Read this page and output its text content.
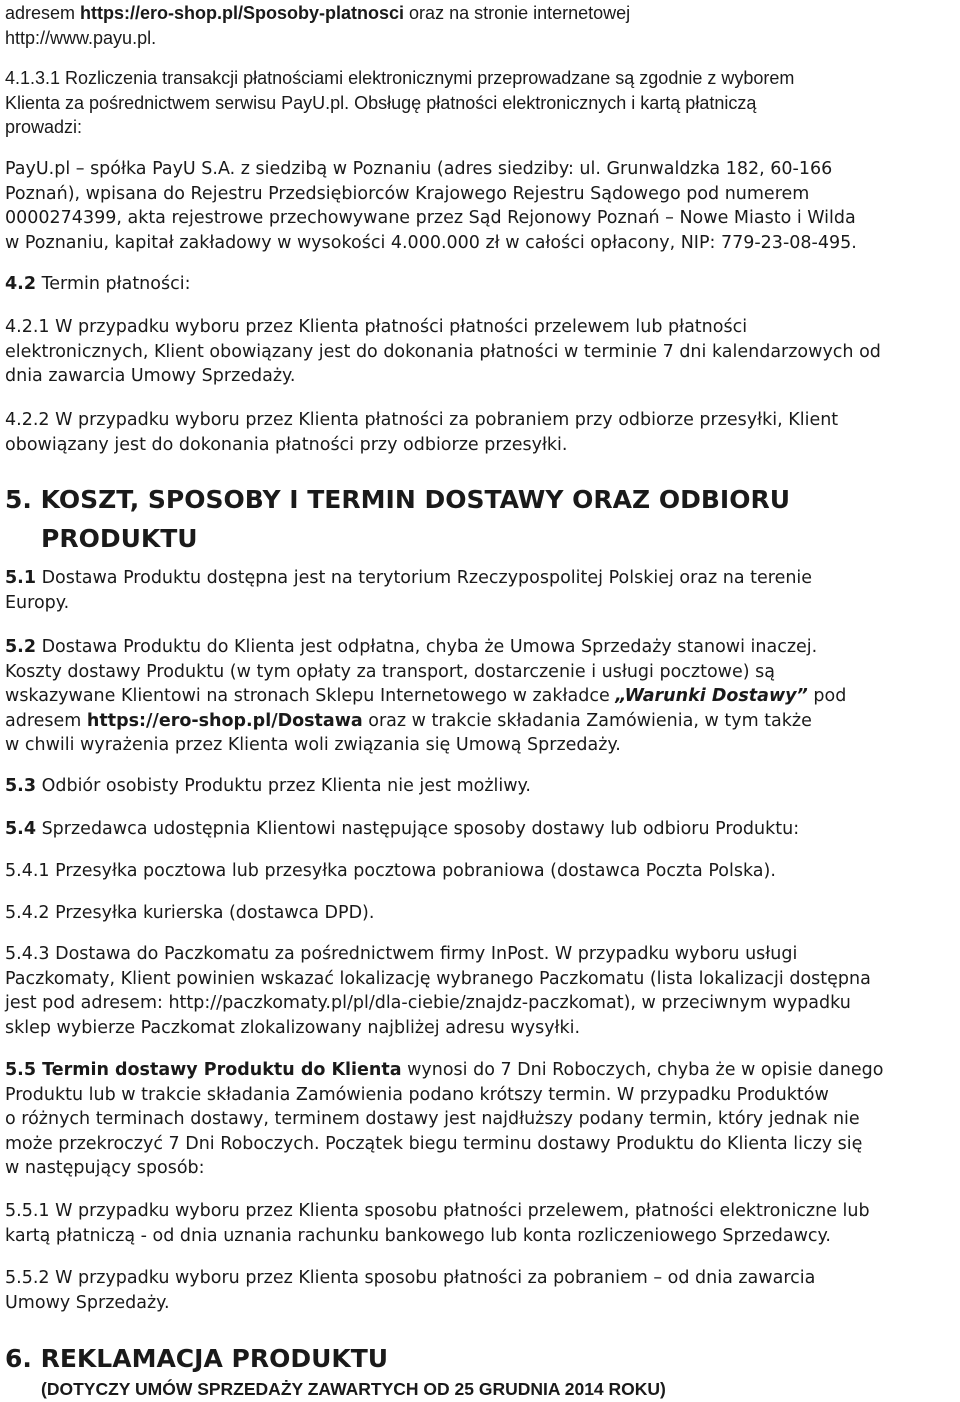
adresem https://ero-shop.pl/Sposoby-platnosci oraz na stronie internetowej
http://www.payu.pl.
4.1.3.1 Rozliczenia transakcji płatnościami elektronicznymi przeprowadzane są zgodnie z wyborem
Klienta za pośrednictwem serwisu PayU.pl. Obsługę płatności elektronicznych i kartą płatniczą
prowadzi:
PayU.pl – spółka PayU S.A. z siedzibą w Poznaniu (adres siedziby: ul. Grunwaldzka 182, 60-166
Poznań), wpisana do Rejestru Przedsiębiorców Krajowego Rejestru Sądowego pod numerem
0000274399, akta rejestrowe przechowywane przez Sąd Rejonowy Poznań – Nowe Miasto i Wilda
w Poznaniu, kapitał zakładowy w wysokości 4.000.000 zł w całości opłacony, NIP: 779-23-08-495.
4.2 Termin płatności:
4.2.1 W przypadku wyboru przez Klienta płatności płatności przelewem lub płatności
elektronicznych, Klient obowiązany jest do dokonania płatności w terminie 7 dni kalendarzowych od
dnia zawarcia Umowy Sprzedaży.
4.2.2 W przypadku wyboru przez Klienta płatności za pobraniem przy odbiorze przesyłki, Klient
obowiązany jest do dokonania płatności przy odbiorze przesyłki.
5. KOSZT, SPOSOBY I TERMIN DOSTAWY ORAZ ODBIORU
PRODUKTU
5.1 Dostawa Produktu dostępna jest na terytorium Rzeczypospolitej Polskiej oraz na terenie
Europy.
5.2 Dostawa Produktu do Klienta jest odpłatna, chyba że Umowa Sprzedaży stanowi inaczej.
Koszty dostawy Produktu (w tym opłaty za transport, dostarczenie i usługi pocztowe) są
wskazywane Klientowi na stronach Sklepu Internetowego w zakładce „Warunki Dostawy” pod
adresem https://ero-shop.pl/Dostawa oraz w trakcie składania Zamówienia, w tym także
w chwili wyrażenia przez Klienta woli związania się Umową Sprzedaży.
5.3 Odbiór osobisty Produktu przez Klienta nie jest możliwy.
5.4 Sprzedawca udostępnia Klientowi następujące sposoby dostawy lub odbioru Produktu:
5.4.1 Przesyłka pocztowa lub przesyłka pocztowa pobraniowa (dostawca Poczta Polska).
5.4.2 Przesyłka kurierska (dostawca DPD).
5.4.3 Dostawa do Paczkomatu za pośrednictwem firmy InPost. W przypadku wyboru usługi
Paczkomaty, Klient powinien wskazać lokalizację wybranego Paczkomatu (lista lokalizacji dostępna
jest pod adresem: http://paczkomaty.pl/pl/dla-ciebie/znajdz-paczkomat), w przeciwnym wypadku
sklep wybierze Paczkomat zlokalizowany najbliżej adresu wysyłki.
5.5 Termin dostawy Produktu do Klienta wynosi do 7 Dni Roboczych, chyba że w opisie danego
Produktu lub w trakcie składania Zamówienia podano krótszy termin. W przypadku Produktów
o różnych terminach dostawy, terminem dostawy jest najdłuższy podany termin, który jednak nie
może przekroczyć 7 Dni Roboczych. Początek biegu terminu dostawy Produktu do Klienta liczy się
w następujący sposób:
5.5.1 W przypadku wyboru przez Klienta sposobu płatności przelewem, płatności elektroniczne lub
kartą płatniczą - od dnia uznania rachunku bankowego lub konta rozliczeniowego Sprzedawcy.
5.5.2 W przypadku wyboru przez Klienta sposobu płatności za pobraniem – od dnia zawarcia
Umowy Sprzedaży.
6. REKLAMACJA PRODUKTU
(DOTYCZY UMÓW SPRZEDAŻY ZAWARTYCH OD 25 GRUDNIA 2014 ROKU)
